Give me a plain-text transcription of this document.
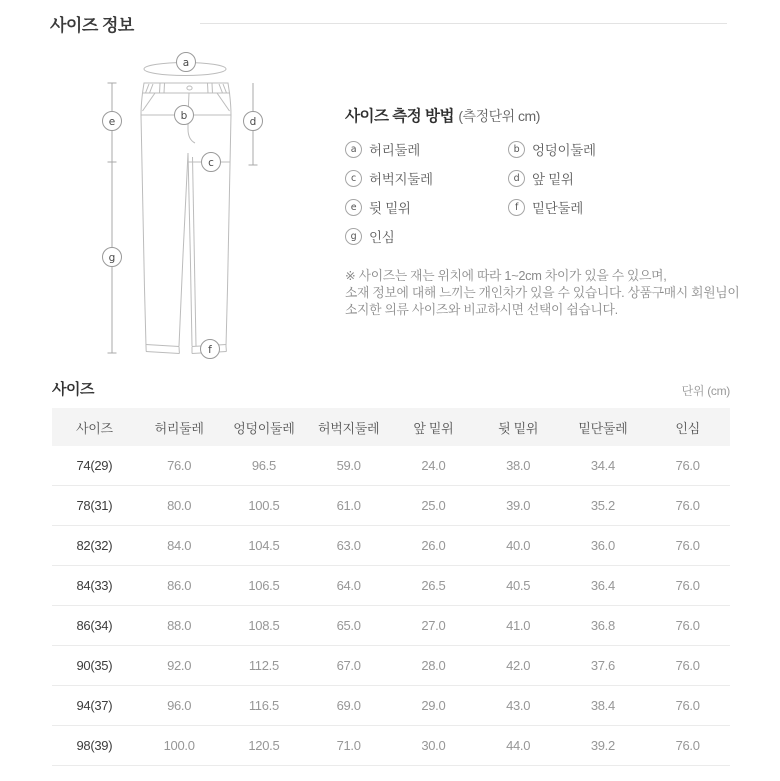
사이즈 정보
a
b
c
d
e
f
g
사이즈 측정 방법 (측정단위 cm)
a 허리둘레	b 엉덩이둘레
c 허벅지둘레	d 앞 밑위
e 뒷 밑위	f	밑단둘레
g 인심
※ 사이즈는 재는 위치에 따라 1~2cm 차이가 있을 수 있으며,
소재 정보에 대해 느끼는 개인차가 있을 수 있습니다. 상품구매시 회원님이
소지한 의류 사이즈와 비교하시면 선택이 쉽습니다.
사이즈	단위 (cm)
사이즈	허리둘레	엉덩이둘레	허벅지둘레	앞 밑위	뒷 밑위	밑단둘레	인심
74(29)	76.0	96.5	59.0	24.0	38.0	34.4	76.0
78(31)	80.0	100.5	61.0	25.0	39.0	35.2	76.0
82(32)	84.0	104.5	63.0	26.0	40.0	36.0	76.0
84(33)	86.0	106.5	64.0	26.5	40.5	36.4	76.0
86(34)	88.0	108.5	65.0	27.0	41.0	36.8	76.0
90(35)	92.0	112.5	67.0	28.0	42.0	37.6	76.0
94(37)	96.0	116.5	69.0	29.0	43.0	38.4	76.0
98(39)	100.0	120.5	71.0	30.0	44.0	39.2	76.0
